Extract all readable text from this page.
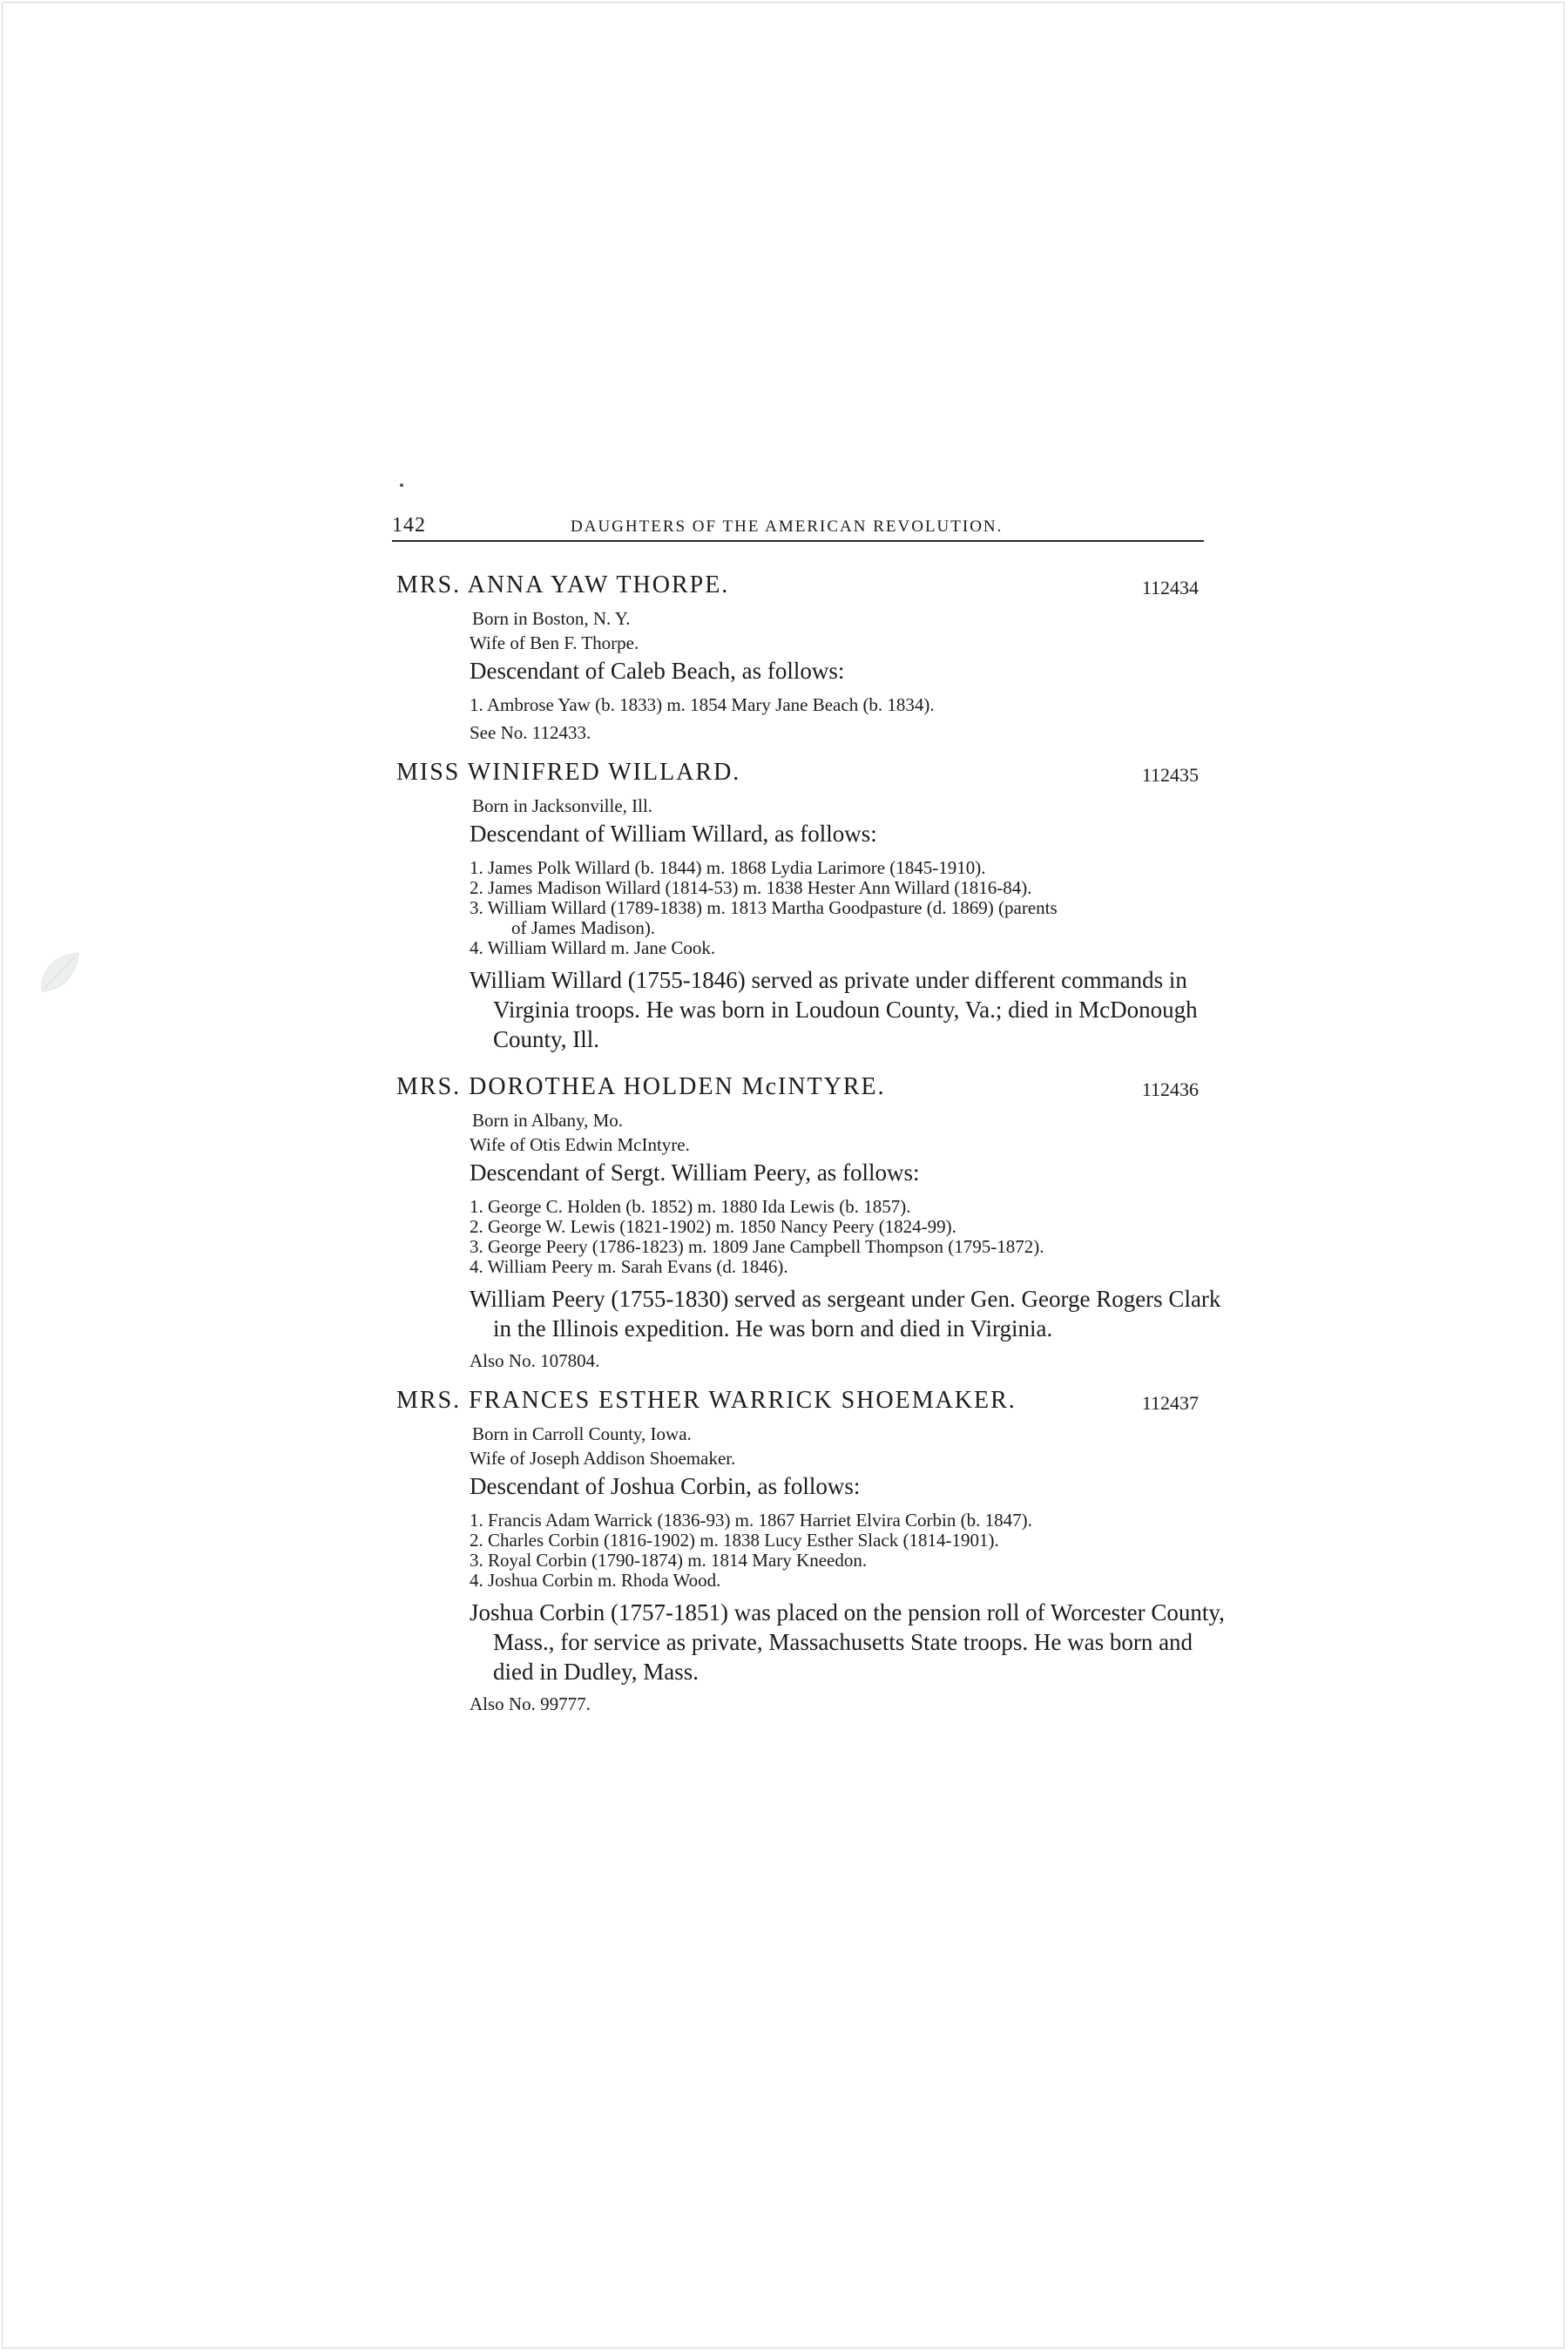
142	DAUGHTERS OF THE AMERICAN REVOLUTION.
MRS. ANNA YAW THORPE.	112434
Born in Boston, N. Y.
Wife of Ben F. Thorpe.
Descendant of Caleb Beach, as follows:
1. Ambrose Yaw (b. 1833) m. 1854 Mary Jane Beach (b. 1834).
See No. 112433.
MISS WINIFRED WILLARD.	112435
Born in Jacksonville, Ill.
Descendant of William Willard, as follows:
1. James Polk Willard (b. 1844) m. 1868 Lydia Larimore (1845-1910).
2. James Madison Willard (1814-53) m. 1838 Hester Ann Willard (1816-84).
3. William Willard (1789-1838) m. 1813 Martha Goodpasture (d. 1869) (parents
of James Madison).
4. William Willard m. Jane Cook.
William Willard (1755-1846) served as private under different commands in Virginia troops. He was born in Loudoun County, Va.; died in McDonough County, Ill.
MRS. DOROTHEA HOLDEN McINTYRE.	112436
Born in Albany, Mo.
Wife of Otis Edwin McIntyre.
Descendant of Sergt. William Peery, as follows:
1. George C. Holden (b. 1852) m. 1880 Ida Lewis (b. 1857).
2. George W. Lewis (1821-1902) m. 1850 Nancy Peery (1824-99).
3. George Peery (1786-1823) m. 1809 Jane Campbell Thompson (1795-1872).
4. William Peery m. Sarah Evans (d. 1846).
William Peery (1755-1830) served as sergeant under Gen. George Rogers Clark in the Illinois expedition. He was born and died in Virginia.
Also No. 107804.
MRS. FRANCES ESTHER WARRICK SHOEMAKER.	112437
Born in Carroll County, Iowa.
Wife of Joseph Addison Shoemaker.
Descendant of Joshua Corbin, as follows:
1. Francis Adam Warrick (1836-93) m. 1867 Harriet Elvira Corbin (b. 1847).
2. Charles Corbin (1816-1902) m. 1838 Lucy Esther Slack (1814-1901).
3. Royal Corbin (1790-1874) m. 1814 Mary Kneedon.
4. Joshua Corbin m. Rhoda Wood.
Joshua Corbin (1757-1851) was placed on the pension roll of Worcester County, Mass., for service as private, Massachusetts State troops. He was born and died in Dudley, Mass.
Also No. 99777.
